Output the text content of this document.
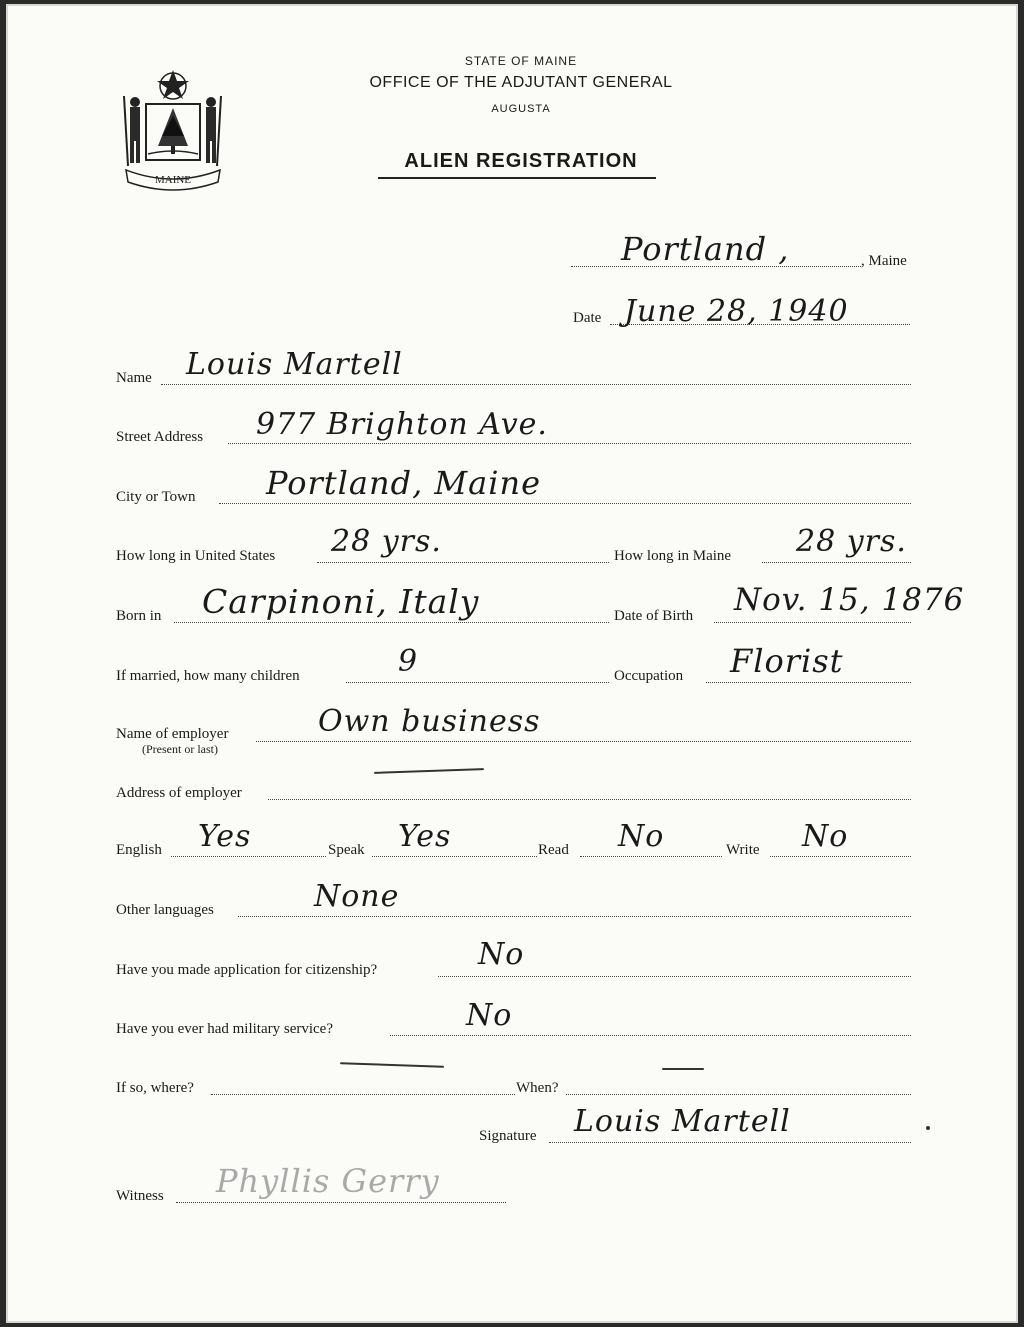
MAINE
STATE OF MAINE
OFFICE OF THE ADJUTANT GENERAL
AUGUSTA
ALIEN REGISTRATION
Portland ,	, Maine
Date June 28, 1940
Name Louis Martell
Street Address 977 Brighton Ave.
City or Town Portland, Maine
How long in United States 28 yrs.	How long in Maine 28 yrs.
Born in Carpinoni, Italy	Date of Birth Nov. 15, 1876
If married, how many children	9	Occupation Florist
Name of employer
(Present or last)
Own business
Address of employer
English Yes	Speak Yes	Read No	Write No
Other languages	None
Have you made application for citizenship?	No
Have you ever had military service?	No
If so, where?	When?
Signature Louis Martell
Witness Phyllis Gerry
